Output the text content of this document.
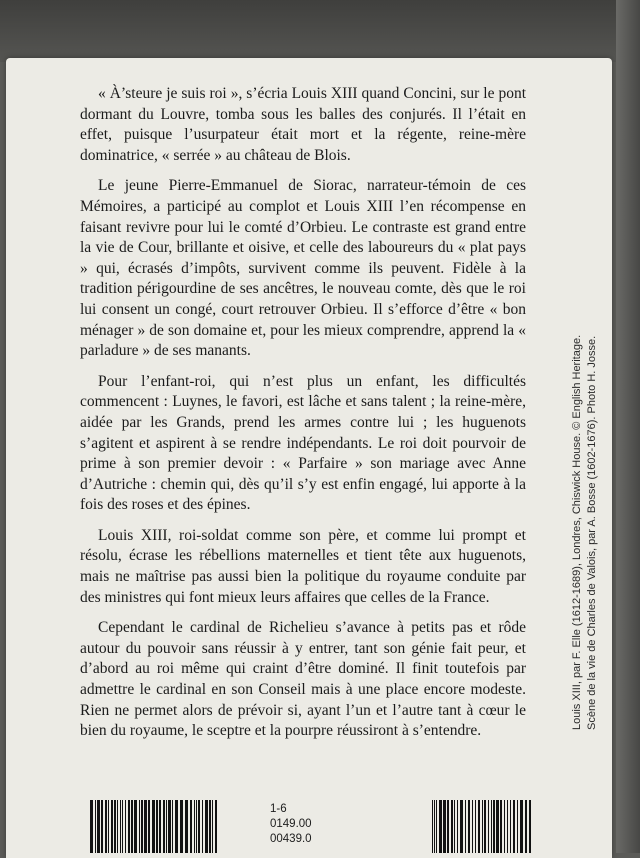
« À’steure je suis roi », s’écria Louis XIII quand Concini, sur le pont dormant du Louvre, tomba sous les balles des conjurés. Il l’était en effet, puisque l’usurpateur était mort et la régente, reine-mère dominatrice, « serrée » au château de Blois.

Le jeune Pierre-Emmanuel de Siorac, narrateur-témoin de ces Mémoires, a participé au complot et Louis XIII l’en récompense en faisant revivre pour lui le comté d’Orbieu. Le contraste est grand entre la vie de Cour, brillante et oisive, et celle des laboureurs du « plat pays » qui, écrasés d’impôts, survivent comme ils peuvent. Fidèle à la tradition périgourdine de ses ancêtres, le nouveau comte, dès que le roi lui consent un congé, court retrouver Orbieu. Il s’efforce d’être « bon ménager » de son domaine et, pour les mieux comprendre, apprend la « parladure » de ses manants.

Pour l’enfant-roi, qui n’est plus un enfant, les difficultés commencent : Luynes, le favori, est lâche et sans talent ; la reine-mère, aidée par les Grands, prend les armes contre lui ; les huguenots s’agitent et aspirent à se rendre indépendants. Le roi doit pourvoir de prime à son premier devoir : « Parfaire » son mariage avec Anne d’Autriche : chemin qui, dès qu’il s’y est enfin engagé, lui apporte à la fois des roses et des épines.

Louis XIII, roi-soldat comme son père, et comme lui prompt et résolu, écrase les rébellions maternelles et tient tête aux huguenots, mais ne maîtrise pas aussi bien la politique du royaume conduite par des ministres qui font mieux leurs affaires que celles de la France.

Cependant le cardinal de Richelieu s’avance à petits pas et rôde autour du pouvoir sans réussir à y entrer, tant son génie fait peur, et d’abord au roi même qui craint d’être dominé. Il finit toutefois par admettre le cardinal en son Conseil mais à une place encore modeste. Rien ne permet alors de prévoir si, ayant l’un et l’autre tant à cœur le bien du royaume, le sceptre et la pourpre réussiront à s’entendre.

Louis XIII, par F. Elle (1612-1689), Londres, Chiswick House. © English Heritage. Scène de la vie de Charles de Valois, par A. Bosse (1602-1676). Photo H. Josse.
1-6
0149.00
00439.0
